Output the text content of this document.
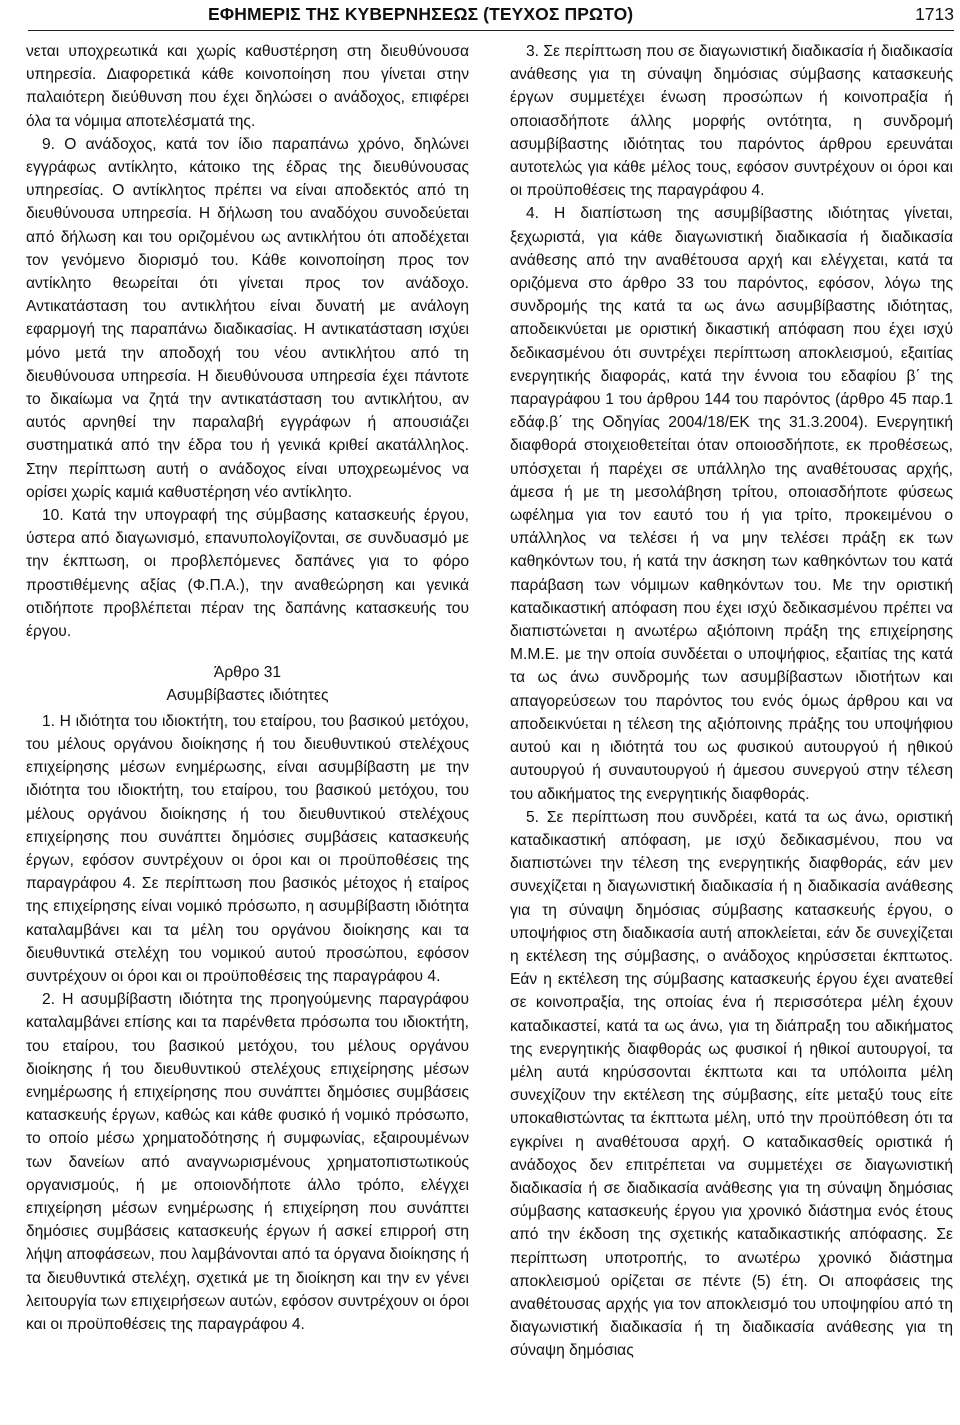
ΕΦΗΜΕΡΙΣ ΤΗΣ ΚΥΒΕΡΝΗΣΕΩΣ (ΤΕΥΧΟΣ ΠΡΩΤΟ)	1713

νεται υποχρεωτικά και χωρίς καθυστέρηση στη διευθύνουσα υπηρεσία. Διαφορετικά κάθε κοινοποίηση που γίνεται στην παλαιότερη διεύθυνση που έχει δηλώσει ο ανάδοχος, επιφέρει όλα τα νόμιμα αποτελέσματά της.

9. Ο ανάδοχος, κατά τον ίδιο παραπάνω χρόνο, δηλώνει εγγράφως αντίκλητο, κάτοικο της έδρας της διευθύνουσας υπηρεσίας. Ο αντίκλητος πρέπει να είναι αποδεκτός από τη διευθύνουσα υπηρεσία. Η δήλωση του αναδόχου συνοδεύεται από δήλωση και του οριζομένου ως αντικλήτου ότι αποδέχεται τον γενόμενο διορισμό του. Κάθε κοινοποίηση προς τον αντίκλητο θεωρείται ότι γίνεται προς τον ανάδοχο. Αντικατάσταση του αντικλήτου είναι δυνατή με ανάλογη εφαρμογή της παραπάνω διαδικασίας. Η αντικατάσταση ισχύει μόνο μετά την αποδοχή του νέου αντικλήτου από τη διευθύνουσα υπηρεσία. Η διευθύνουσα υπηρεσία έχει πάντοτε το δικαίωμα να ζητά την αντικατάσταση του αντικλήτου, αν αυτός αρνηθεί την παραλαβή εγγράφων ή απουσιάζει συστηματικά από την έδρα του ή γενικά κριθεί ακατάλληλος. Στην περίπτωση αυτή ο ανάδοχος είναι υποχρεωμένος να ορίσει χωρίς καμιά καθυστέρηση νέο αντίκλητο.

10. Κατά την υπογραφή της σύμβασης κατασκευής έργου, ύστερα από διαγωνισμό, επανυπολογίζονται, σε συνδυασμό με την έκπτωση, οι προβλεπόμενες δαπάνες για το φόρο προστιθέμενης αξίας (Φ.Π.Α.), την αναθεώρηση και γενικά οτιδήποτε προβλέπεται πέραν της δαπάνης κατασκευής του έργου.

Άρθρο 31

Ασυμβίβαστες ιδιότητες

1. Η ιδιότητα του ιδιοκτήτη, του εταίρου, του βασικού μετόχου, του μέλους οργάνου διοίκησης ή του διευθυντικού στελέχους επιχείρησης μέσων ενημέρωσης, είναι ασυμβίβαστη με την ιδιότητα του ιδιοκτήτη, του εταίρου, του βασικού μετόχου, του μέλους οργάνου διοίκησης ή του διευθυντικού στελέχους επιχείρησης που συνάπτει δημόσιες συμβάσεις κατασκευής έργων, εφόσον συντρέχουν οι όροι και οι προϋποθέσεις της παραγράφου 4. Σε περίπτωση που βασικός μέτοχος ή εταίρος της επιχείρησης είναι νομικό πρόσωπο, η ασυμβίβαστη ιδιότητα καταλαμβάνει και τα μέλη του οργάνου διοίκησης και τα διευθυντικά στελέχη του νομικού αυτού προσώπου, εφόσον συντρέχουν οι όροι και οι προϋποθέσεις της παραγράφου 4.

2. Η ασυμβίβαστη ιδιότητα της προηγούμενης παραγράφου καταλαμβάνει επίσης και τα παρένθετα πρόσωπα του ιδιοκτήτη, του εταίρου, του βασικού μετόχου, του μέλους οργάνου διοίκησης ή του διευθυντικού στελέχους επιχείρησης μέσων ενημέρωσης ή επιχείρησης που συνάπτει δημόσιες συμβάσεις κατασκευής έργων, καθώς και κάθε φυσικό ή νομικό πρόσωπο, το οποίο μέσω χρηματοδότησης ή συμφωνίας, εξαιρουμένων των δανείων από αναγνωρισμένους χρηματοπιστωτικούς οργανισμούς, ή με οποιονδήποτε άλλο τρόπο, ελέγχει επιχείρηση μέσων ενημέρωσης ή επιχείρηση που συνάπτει δημόσιες συμβάσεις κατασκευής έργων ή ασκεί επιρροή στη λήψη αποφάσεων, που λαμβάνονται από τα όργανα διοίκησης ή τα διευθυντικά στελέχη, σχετικά με τη διοίκηση και την εν γένει λειτουργία των επιχειρήσεων αυτών, εφόσον συντρέχουν οι όροι και οι προϋποθέσεις της παραγράφου 4.

3. Σε περίπτωση που σε διαγωνιστική διαδικασία ή διαδικασία ανάθεσης για τη σύναψη δημόσιας σύμβασης κατασκευής έργων συμμετέχει ένωση προσώπων ή κοινοπραξία ή οποιασδήποτε άλλης μορφής οντότητα, η συνδρομή ασυμβίβαστης ιδιότητας του παρόντος άρθρου ερευνάται αυτοτελώς για κάθε μέλος τους, εφόσον συντρέχουν οι όροι και οι προϋποθέσεις της παραγράφου 4.

4. Η διαπίστωση της ασυμβίβαστης ιδιότητας γίνεται, ξεχωριστά, για κάθε διαγωνιστική διαδικασία ή διαδικασία ανάθεσης από την αναθέτουσα αρχή και ελέγχεται, κατά τα οριζόμενα στο άρθρο 33 του παρόντος, εφόσον, λόγω της συνδρομής της κατά τα ως άνω ασυμβίβαστης ιδιότητας, αποδεικνύεται με οριστική δικαστική απόφαση που έχει ισχύ δεδικασμένου ότι συντρέχει περίπτωση αποκλεισμού, εξαιτίας ενεργητικής διαφοράς, κατά την έννοια του εδαφίου β΄ της παραγράφου 1 του άρθρου 144 του παρόντος (άρθρο 45 παρ.1 εδάφ.β΄ της Οδηγίας 2004/18/ΕΚ της 31.3.2004). Ενεργητική διαφθορά στοιχειοθετείται όταν οποιοσδήποτε, εκ προθέσεως, υπόσχεται ή παρέχει σε υπάλληλο της αναθέτουσας αρχής, άμεσα ή με τη μεσολάβηση τρίτου, οποιασδήποτε φύσεως ωφέλημα για τον εαυτό του ή για τρίτο, προκειμένου ο υπάλληλος να τελέσει ή να μην τελέσει πράξη εκ των καθηκόντων του, ή κατά την άσκηση των καθηκόντων του κατά παράβαση των νόμιμων καθηκόντων του. Με την οριστική καταδικαστική απόφαση που έχει ισχύ δεδικασμένου πρέπει να διαπιστώνεται η ανωτέρω αξιόποινη πράξη της επιχείρησης Μ.Μ.Ε. με την οποία συνδέεται ο υποψήφιος, εξαιτίας της κατά τα ως άνω συνδρομής των ασυμβίβαστων ιδιοτήτων και απαγορεύσεων του παρόντος του ενός όμως άρθρου και να αποδεικνύεται η τέλεση της αξιόποινης πράξης του υποψήφιου αυτού και η ιδιότητά του ως φυσικού αυτουργού ή ηθικού αυτουργού ή συναυτουργού ή άμεσου συνεργού στην τέλεση του αδικήματος της ενεργητικής διαφθοράς.

5. Σε περίπτωση που συνδρέει, κατά τα ως άνω, οριστική καταδικαστική απόφαση, με ισχύ δεδικασμένου, που να διαπιστώνει την τέλεση της ενεργητικής διαφθοράς, εάν μεν συνεχίζεται η διαγωνιστική διαδικασία ή η διαδικασία ανάθεσης για τη σύναψη δημόσιας σύμβασης κατασκευής έργου, ο υποψήφιος στη διαδικασία αυτή αποκλείεται, εάν δε συνεχίζεται η εκτέλεση της σύμβασης, ο ανάδοχος κηρύσσεται έκπτωτος. Εάν η εκτέλεση της σύμβασης κατασκευής έργου έχει ανατεθεί σε κοινοπραξία, της οποίας ένα ή περισσότερα μέλη έχουν καταδικαστεί, κατά τα ως άνω, για τη διάπραξη του αδικήματος της ενεργητικής διαφθοράς ως φυσικοί ή ηθικοί αυτουργοί, τα μέλη αυτά κηρύσσονται έκπτωτα και τα υπόλοιπα μέλη συνεχίζουν την εκτέλεση της σύμβασης, είτε μεταξύ τους είτε υποκαθιστώντας τα έκπτωτα μέλη, υπό την προϋπόθεση ότι τα εγκρίνει η αναθέτουσα αρχή. Ο καταδικασθείς οριστικά ή ανάδοχος δεν επιτρέπεται να συμμετέχει σε διαγωνιστική διαδικασία ή σε διαδικασία ανάθεσης για τη σύναψη δημόσιας σύμβασης κατασκευής έργου για χρονικό διάστημα ενός έτους από την έκδοση της σχετικής καταδικαστικής απόφασης. Σε περίπτωση υποτροπής, το ανωτέρω χρονικό διάστημα αποκλεισμού ορίζεται σε πέντε (5) έτη. Οι αποφάσεις της αναθέτουσας αρχής για τον αποκλεισμό του υποψηφίου από τη διαγωνιστική διαδικασία ή τη διαδικασία ανάθεσης για τη σύναψη δημόσιας
